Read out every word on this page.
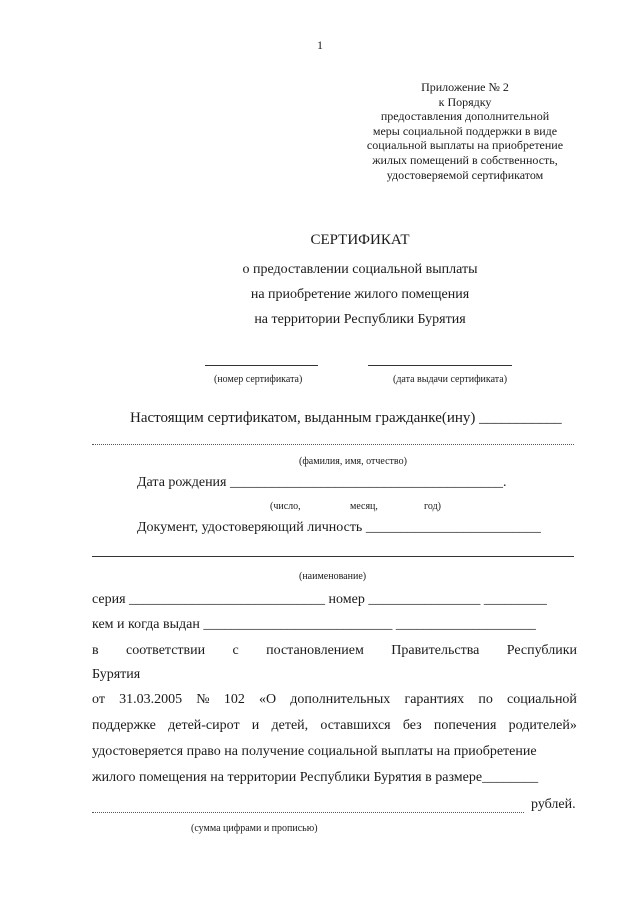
1
Приложение № 2
к Порядку
предоставления дополнительной
меры социальной поддержки в виде
социальной выплаты на приобретение
жилых помещений в собственность,
удостоверяемой сертификатом
СЕРТИФИКАТ
о предоставлении социальной выплаты
на приобретение жилого помещения
на территории Республики Бурятия
(номер сертификата)	(дата выдачи сертификата)
Настоящим сертификатом, выданным гражданке(ину) ___________
(фамилия, имя, отчество)
Дата рождения _______________________________________.
(число,	месяц,	год)
Документ, удостоверяющий личность _________________________
(наименование)
серия ____________________________ номер ________________ _________
кем и когда выдан ___________________________ ____________________
в соответствии с постановлением Правительства Республики
Бурятия
от 31.03.2005 № 102 «О дополнительных гарантиях по социальной
поддержке детей-сирот и детей, оставшихся без попечения родителей»
удостоверяется право на получение социальной выплаты на приобретение
жилого помещения на территории Республики Бурятия в размере________
рублей.
(сумма цифрами и прописью)
